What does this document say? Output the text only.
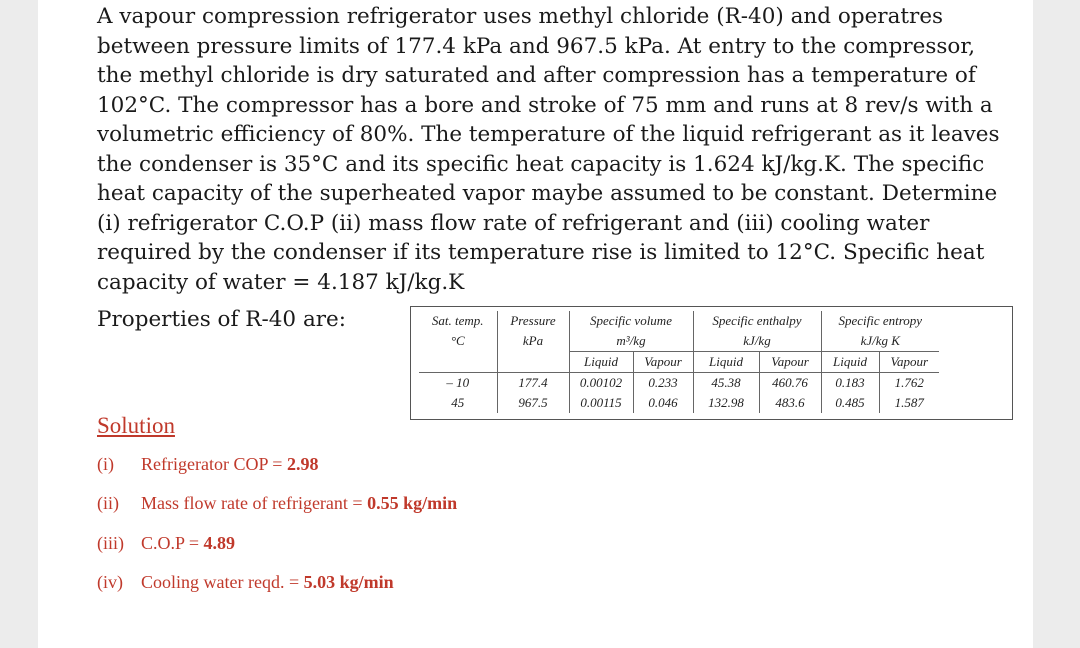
A vapour compression refrigerator uses methyl chloride (R-40) and operatres
between pressure limits of 177.4 kPa and 967.5 kPa. At entry to the compressor,
the methyl chloride is dry saturated and after compression has a temperature of
102°C. The compressor has a bore and stroke of 75 mm and runs at 8 rev/s with a
volumetric efficiency of 80%. The temperature of the liquid refrigerant as it leaves
the condenser is 35°C and its specific heat capacity is 1.624 kJ/kg.K. The specific
heat capacity of the superheated vapor maybe assumed to be constant. Determine
(i) refrigerator C.O.P (ii) mass flow rate of refrigerant and (iii) cooling water
required by the condenser if its temperature rise is limited to 12°C. Specific heat
capacity of water = 4.187 kJ/kg.K
Properties of R-40 are:	Sat. temp.	Pressure	Specific volume		Specific enthalpy		Specific entropy	
°C	kPa	m³/kg		kJ/kg		kJ/kg K	
		Liquid	Vapour	Liquid	Vapour	Liquid	Vapour
– 10	177.4	0.00102	0.233	45.38	460.76	0.183	1.762
45	967.5	0.00115	0.046	132.98	483.6	0.485	1.587
Solution
(i) Refrigerator COP = 2.98
(ii) Mass flow rate of refrigerant = 0.55 kg/min
(iii) C.O.P = 4.89
(iv) Cooling water reqd. = 5.03 kg/min
